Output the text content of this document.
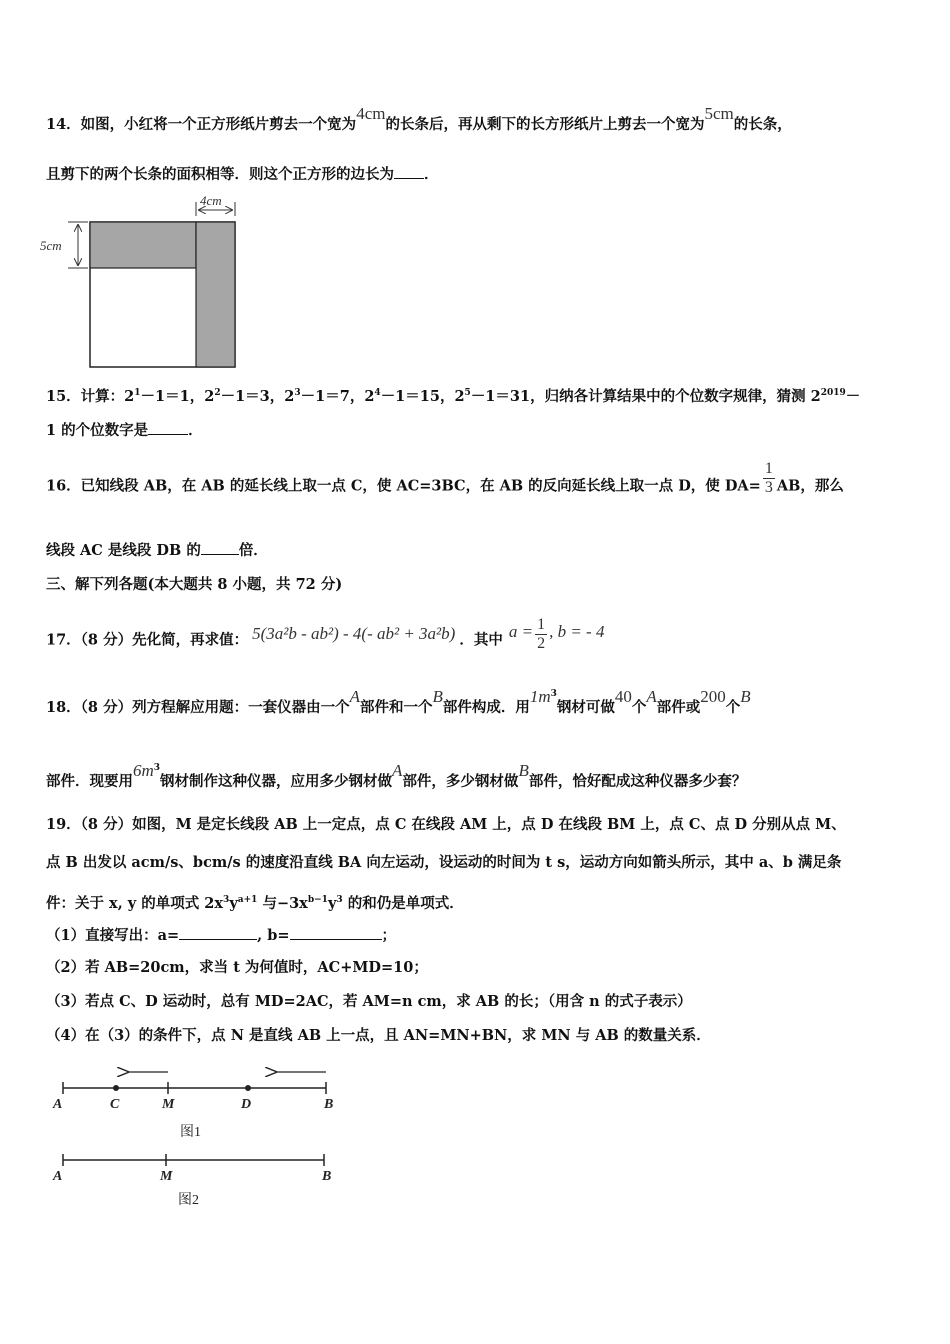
14．如图，小红将一个正方形纸片剪去一个宽为4cm的长条后，再从剩下的长方形纸片上剪去一个宽为5cm的长条，
且剪下的两个长条的面积相等．则这个正方形的边长为 ．
4cm
5cm
15．计算：$2^1-1=1$，$2^2-1=3$，$2^3-1=7$，$2^4-1=15$，$2^5-1=31$，归纳各计算结果中的个位数字规律，猜测 $2^{2019}-$
1 的个位数字是	．
16．已知线段 AB，在 AB 的延长线上取一点 C，使 AC=3BC，在 AB 的反向延长线上取一点 D，使 $DA= \frac{1}{3}$ AB，那么
线段 AC 是线段 DB 的	倍．
三、解下列各题(本大题共 8 小题，共 72 分)
17．（8 分）先化简，再求值： 5(3a²b - ab²) - 4(- ab² + 3a²b) ．其中 $a = \frac{1}{2}$ , b = - 4
18．（8 分）列方程解应用题：一套仪器由一个A部件和一个B部件构成．用$1m^3$钢材可做40个A部件或200个B
部件．现要用$6m^3$钢材制作这种仪器，应用多少钢材做A部件，多少钢材做B部件，恰好配成这种仪器多少套？
19．（8 分）如图，M 是定长线段 AB 上一定点，点 C 在线段 AM 上，点 D 在线段 BM 上，点 C、点 D 分别从点 M、
点 B 出发以 acm/s、bcm/s 的速度沿直线 BA 向左运动，设运动的时间为 t s，运动方向如箭头所示，其中 a、b 满足条
件：关于 x, y 的单项式 $2x^3y^{a+1}$ 与$-3x^{b-1}y^3$ 的和仍是单项式．
（1）直接写出：a=	, b=	；
（2）若 AB=20cm，求当 t 为何值时，AC+MD=10；
（3）若点 C、D 运动时，总有 MD=2AC，若 AM=n cm，求 AB 的长；（用含 n 的式子表示）
（4）在（3）的条件下，点 N 是直线 AB 上一点，且 AN=MN+BN，求 MN 与 AB 的数量关系．
A	C	M	D	B
图1
A	M	B
图2
